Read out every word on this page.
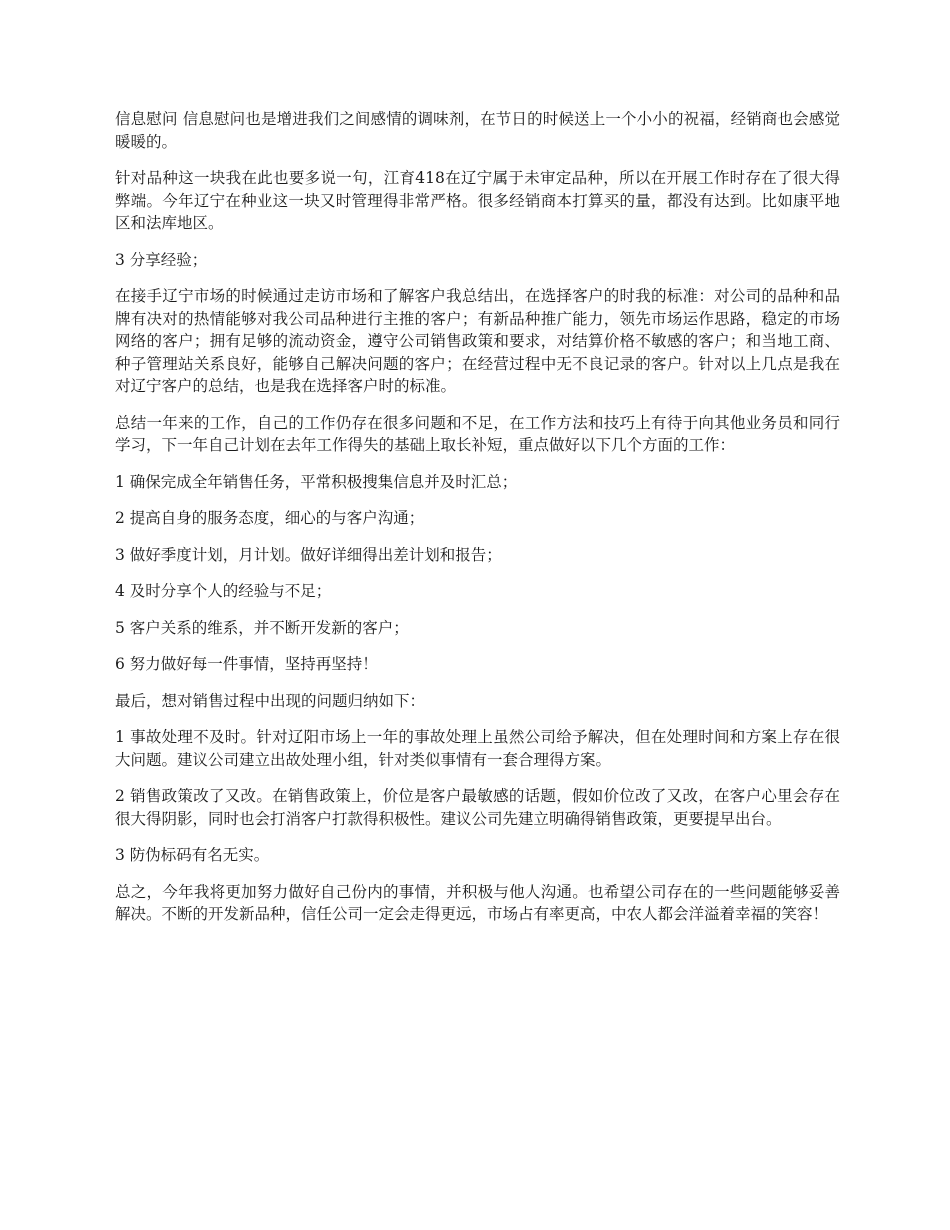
信息慰问 信息慰问也是增进我们之间感情的调味剂，在节日的时候送上一个小小的祝福，经销商也会感觉暖暖的。

针对品种这一块我在此也要多说一句，江育418在辽宁属于未审定品种，所以在开展工作时存在了很大得弊端。今年辽宁在种业这一块又时管理得非常严格。很多经销商本打算买的量，都没有达到。比如康平地区和法库地区。

3 分享经验；

在接手辽宁市场的时候通过走访市场和了解客户我总结出，在选择客户的时我的标准：对公司的品种和品牌有决对的热情能够对我公司品种进行主推的客户；有新品种推广能力，领先市场运作思路，稳定的市场网络的客户；拥有足够的流动资金，遵守公司销售政策和要求，对结算价格不敏感的客户；和当地工商、种子管理站关系良好，能够自己解决问题的客户；在经营过程中无不良记录的客户。针对以上几点是我在对辽宁客户的总结，也是我在选择客户时的标准。

总结一年来的工作，自己的工作仍存在很多问题和不足，在工作方法和技巧上有待于向其他业务员和同行学习，下一年自己计划在去年工作得失的基础上取长补短，重点做好以下几个方面的工作：

1 确保完成全年销售任务，平常积极搜集信息并及时汇总；

2 提高自身的服务态度，细心的与客户沟通；

3 做好季度计划，月计划。做好详细得出差计划和报告；

4 及时分享个人的经验与不足；

5 客户关系的维系，并不断开发新的客户；

6 努力做好每一件事情，坚持再坚持！

最后，想对销售过程中出现的问题归纳如下：

1 事故处理不及时。针对辽阳市场上一年的事故处理上虽然公司给予解决，但在处理时间和方案上存在很大问题。建议公司建立出故处理小组，针对类似事情有一套合理得方案。

2 销售政策改了又改。在销售政策上，价位是客户最敏感的话题，假如价位改了又改，在客户心里会存在很大得阴影，同时也会打消客户打款得积极性。建议公司先建立明确得销售政策，更要提早出台。

3 防伪标码有名无实。

总之，今年我将更加努力做好自己份内的事情，并积极与他人沟通。也希望公司存在的一些问题能够妥善解决。不断的开发新品种，信任公司一定会走得更远，市场占有率更高，中农人都会洋溢着幸福的笑容！
